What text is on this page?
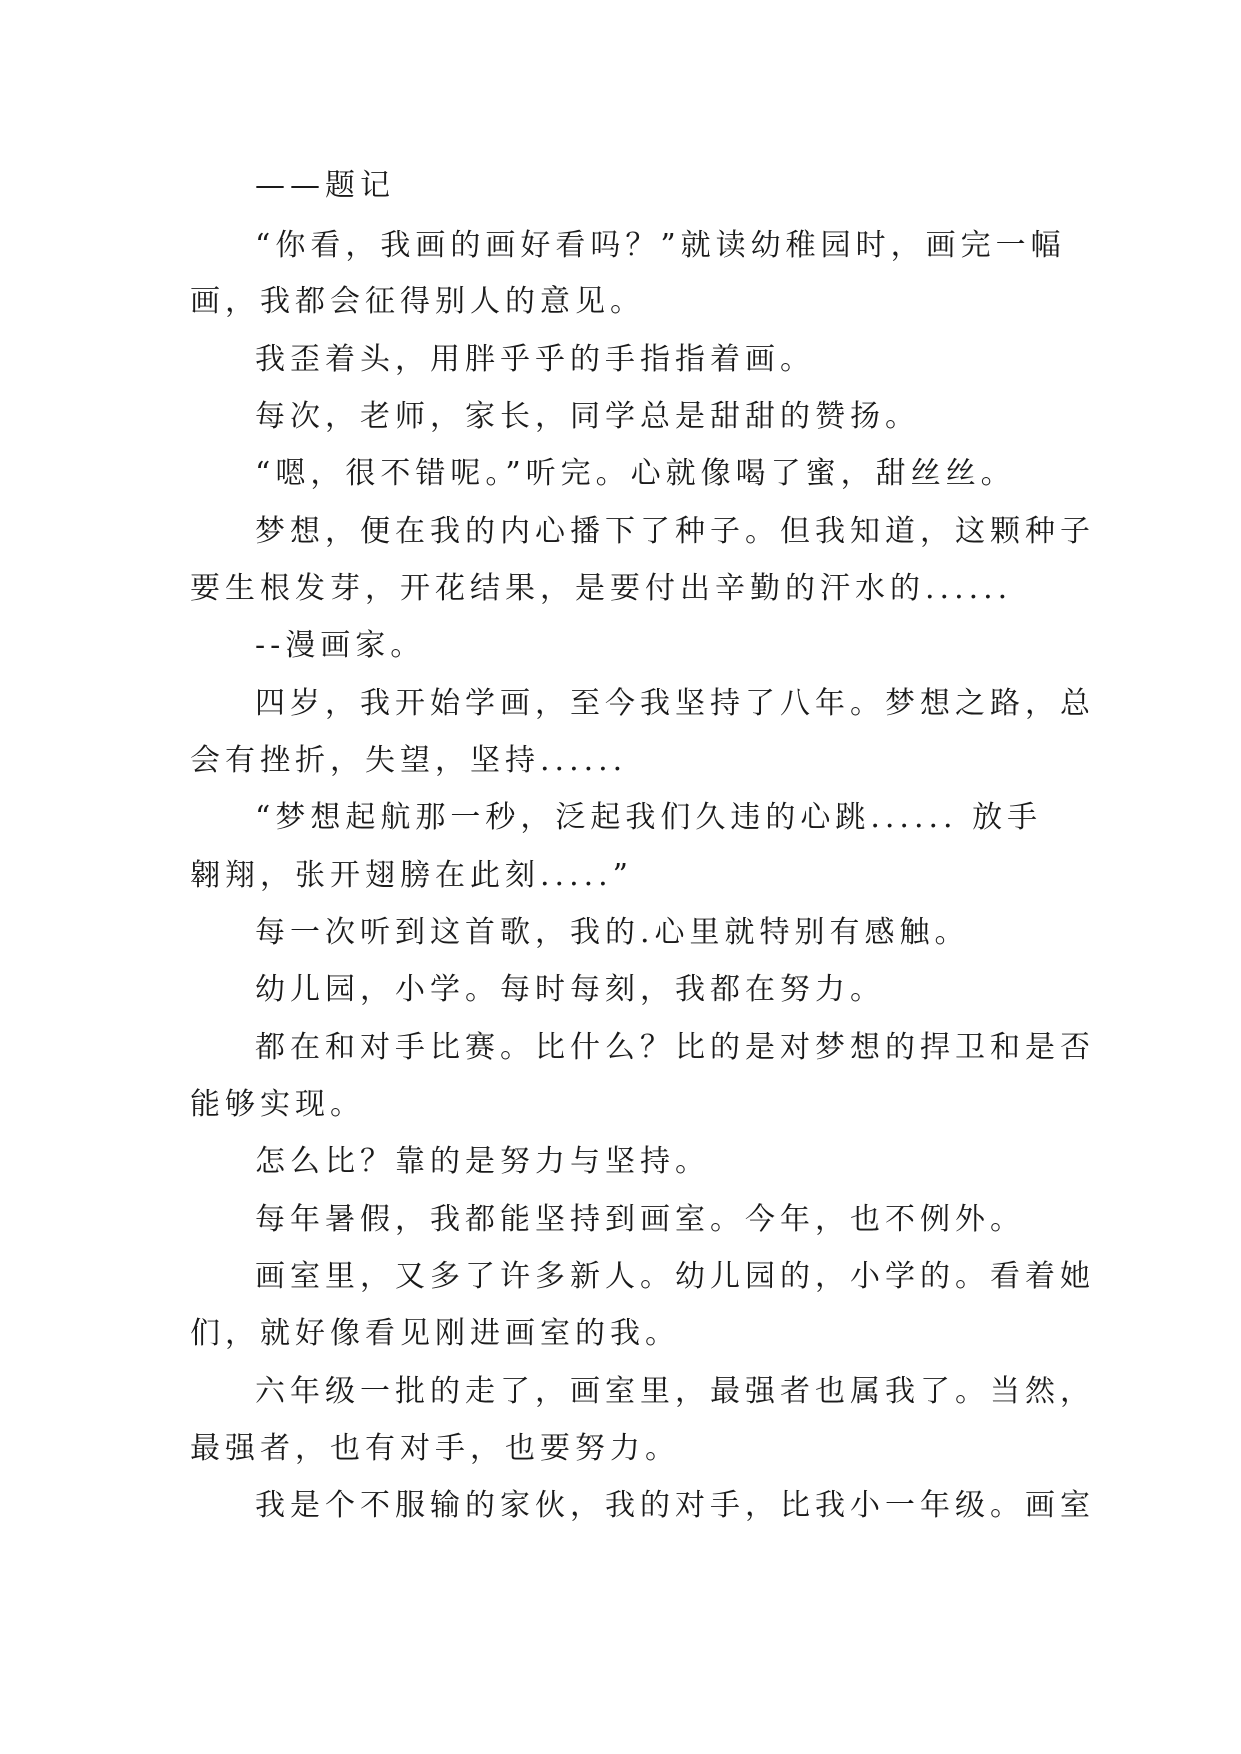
——题记
“你看，我画的画好看吗？”就读幼稚园时，画完一幅
画，我都会征得别人的意见。
我歪着头，用胖乎乎的手指指着画。
每次，老师，家长，同学总是甜甜的赞扬。
“嗯，很不错呢。”听完。心就像喝了蜜，甜丝丝。
梦想，便在我的内心播下了种子。但我知道，这颗种子
要生根发芽，开花结果，是要付出辛勤的汗水的......
--漫画家。
四岁，我开始学画，至今我坚持了八年。梦想之路，总
会有挫折，失望，坚持......
“梦想起航那一秒，泛起我们久违的心跳...... 放手
翱翔，张开翅膀在此刻.....”
每一次听到这首歌，我的.心里就特别有感触。
幼儿园，小学。每时每刻，我都在努力。
都在和对手比赛。比什么？比的是对梦想的捍卫和是否
能够实现。
怎么比？靠的是努力与坚持。
每年暑假，我都能坚持到画室。今年，也不例外。
画室里，又多了许多新人。幼儿园的，小学的。看着她
们，就好像看见刚进画室的我。
六年级一批的走了，画室里，最强者也属我了。当然，
最强者，也有对手，也要努力。
我是个不服输的家伙，我的对手，比我小一年级。画室
